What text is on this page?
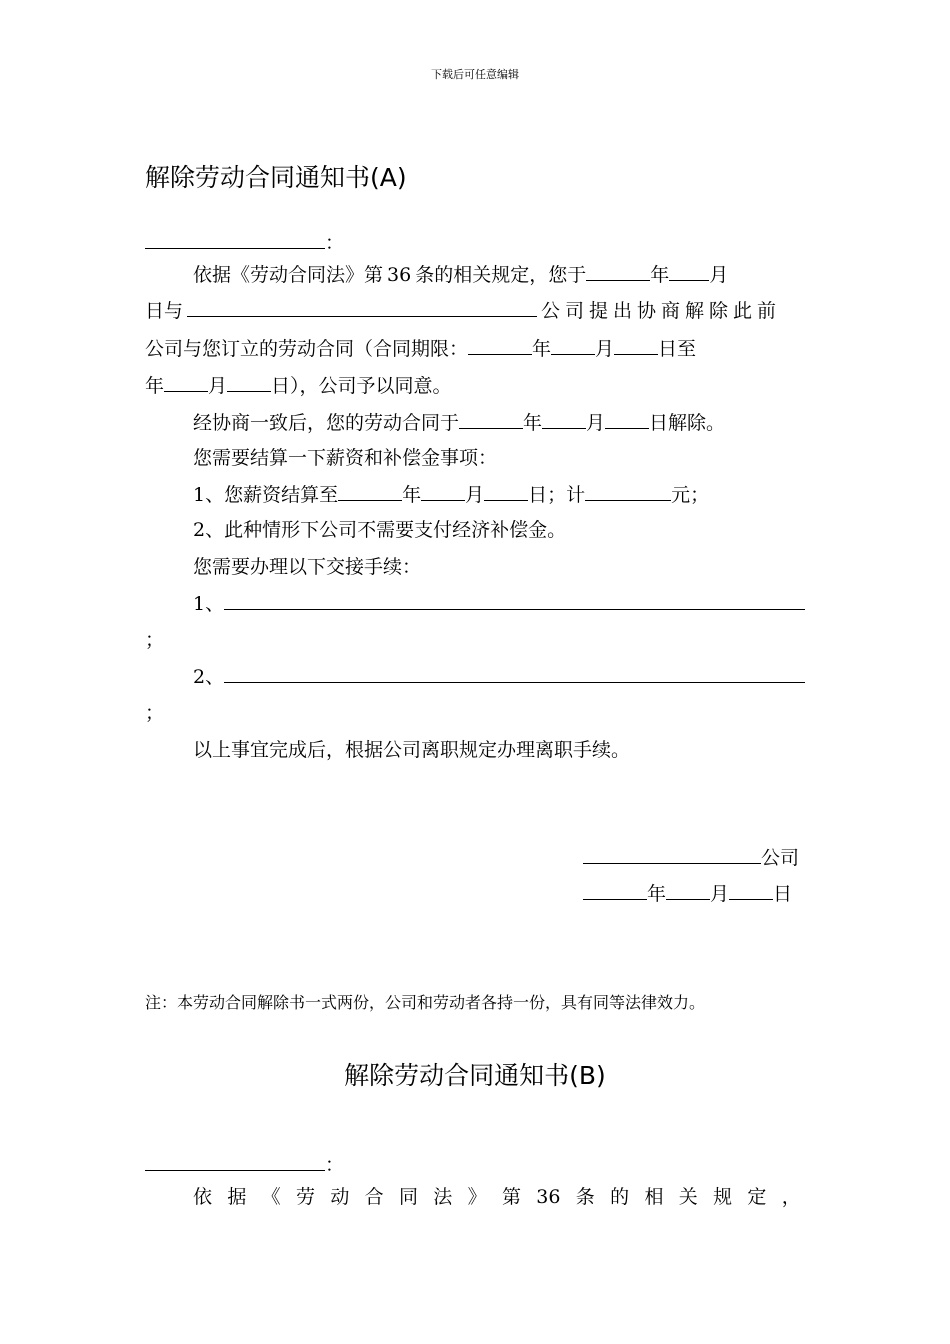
下载后可任意编辑
解除劳动合同通知书(A)
：
依据《劳动合同法》第 36 条的相关规定，您于	年 月
日与	公司提出协商解除此前
公司与您订立的劳动合同（合同期限：	年 月 日至
年 月 日），公司予以同意。
经协商一致后，您的劳动合同于	年 月 日解除。
您需要结算一下薪资和补偿金事项：
1、您薪资结算至	年 月 日；计	元；
2、此种情形下公司不需要支付经济补偿金。
您需要办理以下交接手续：
1、
；
2、
；
以上事宜完成后，根据公司离职规定办理离职手续。
公司
年 月 日
注：本劳动合同解除书一式两份，公司和劳动者各持一份，具有同等法律效力。
解除劳动合同通知书(B)
：
依 据 《 劳 动 合 同 法 》 第 36 条 的 相 关 规 定 ，
